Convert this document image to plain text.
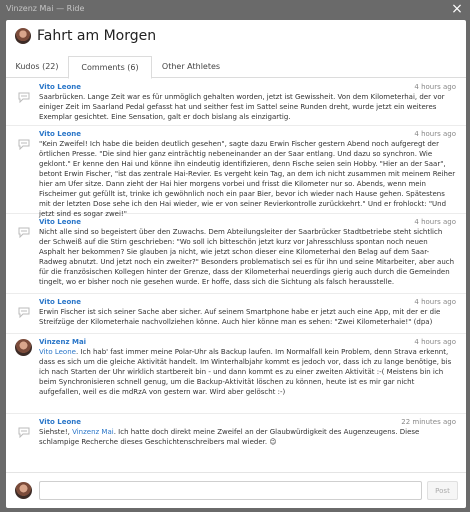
Vinzenz Mai — Ride
Fahrt am Morgen
Kudos (22)	Comments (6)	Other Athletes
Vito Leone	4 hours ago
Saarbrücken. Lange Zeit war es für unmöglich gehalten worden, jetzt ist Gewissheit. Von dem Kilometerhai, der vor einiger Zeit im Saarland Pedal gefasst hat und seither fest im Sattel seine Runden dreht, wurde jetzt ein weiteres Exemplar gesichtet. Eine Sensation, galt er doch bislang als einzigartig.
Vito Leone	4 hours ago
"Kein Zweifel! Ich habe die beiden deutlich gesehen", sagte dazu Erwin Fischer gestern Abend noch aufgeregt der örtlichen Presse. "Die sind hier ganz einträchtig nebeneinander an der Saar entlang. Und dazu so synchron. Wie geklont." Er kenne den Hai und könne ihn eindeutig identifizieren, denn Fische seien sein Hobby. "Hier an der Saar", betont Erwin Fischer, "ist das zentrale Hai-Revier. Es vergeht kein Tag, an dem ich nicht zusammen mit meinem Reiher hier am Ufer sitze. Dann zieht der Hai hier morgens vorbei und frisst die Kilometer nur so. Abends, wenn mein Fischeimer gut gefüllt ist, trinke ich gewöhnlich noch ein paar Bier, bevor ich wieder nach Hause gehen. Spätestens mit der letzten Dose sehe ich den Hai wieder, wie er von seiner Revierkontrolle zurückkehrt." Und er frohlockt: "Und jetzt sind es sogar zwei!"
Vito Leone	4 hours ago
Nicht alle sind so begeistert über den Zuwachs. Dem Abteilungsleiter der Saarbrücker Stadtbetriebe steht sichtlich der Schweiß auf die Stirn geschrieben: "Wo soll ich bitteschön jetzt kurz vor Jahresschluss spontan noch neuen Asphalt her bekommen? Sie glauben ja nicht, wie jetzt schon dieser eine Kilometerhai den Belag auf dem Saar-Radweg abnutzt. Und jetzt noch ein zweiter?" Besonders problematisch sei es für ihn und seine Mitarbeiter, aber auch für die französischen Kollegen hinter der Grenze, dass der Kilometerhai neuerdings gierig auch durch die Gemeinden tingelt, wo er bisher noch nie gesehen wurde. Er hoffe, dass sich die Sichtung als falsch herausstelle.
Vito Leone	4 hours ago
Erwin Fischer ist sich seiner Sache aber sicher. Auf seinem Smartphone habe er jetzt auch eine App, mit der er die Streifzüge der Kilometerhaie nachvollziehen könne. Auch hier könne man es sehen: "Zwei Kilometerhaie!" (dpa)
Vinzenz Mai	4 hours ago
Vito Leone. Ich hab' fast immer meine Polar-Uhr als Backup laufen. Im Normalfall kein Problem, denn Strava erkennt, dass es sich um die gleiche Aktivität handelt. Im Winterhalbjahr kommt es jedoch vor, dass ich zu lange benötige, bis ich nach Starten der Uhr wirklich startbereit bin - und dann kommt es zu einer zweiten Aktivität :-( Meistens bin ich beim Synchronisieren schnell genug, um die Backup-Aktivität löschen zu können, heute ist es mir gar nicht aufgefallen, weil es die mdRzA von gestern war. Wird aber gelöscht :-)
Vito Leone	22 minutes ago
Siehste!, Vinzenz Mai. Ich hatte doch direkt meine Zweifel an der Glaubwürdigkeit des Augenzeugens. Diese schlampige Recherche dieses Geschichtenschreibers mal wieder. 😉
Post
×
